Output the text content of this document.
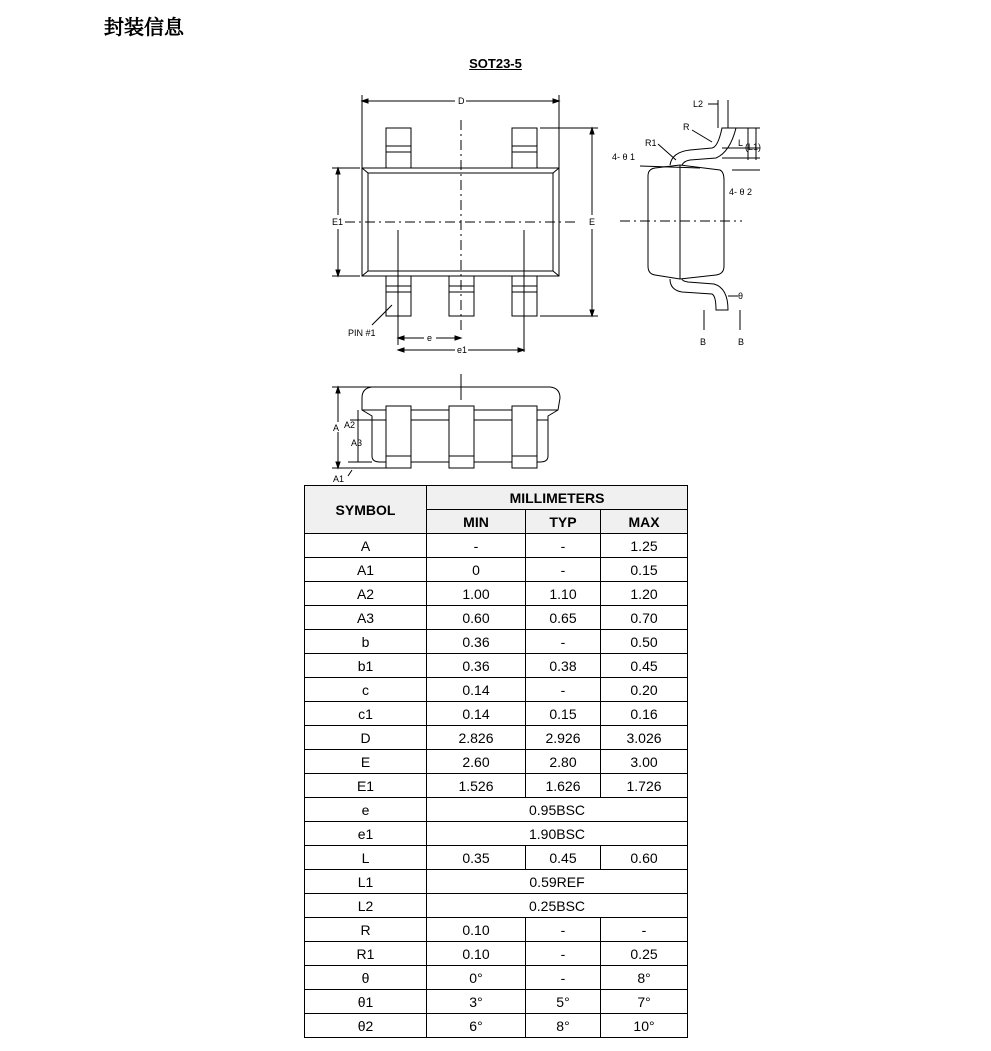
封装信息
SOT23-5
D
E1	E
PIN #1	e
e1
L2
R
R1	L (L1)
4- θ 1
4- θ 2
θ
B	B
A A2
A3
A1
SYMBOL	MILLIMETERS		
	MIN	TYP	MAX
A	-	-	1.25
A1	0	-	0.15
A2	1.00	1.10	1.20
A3	0.60	0.65	0.70
b	0.36	-	0.50
b1	0.36	0.38	0.45
c	0.14	-	0.20
c1	0.14	0.15	0.16
D	2.826	2.926	3.026
E	2.60	2.80	3.00
E1	1.526	1.626	1.726
e	0.95BSC		
e1	1.90BSC		
L	0.35	0.45	0.60
L1	0.59REF		
L2	0.25BSC		
R	0.10	-	-
R1	0.10	-	0.25
θ	0°	-	8°
θ1	3°	5°	7°
θ2	6°	8°	10°
